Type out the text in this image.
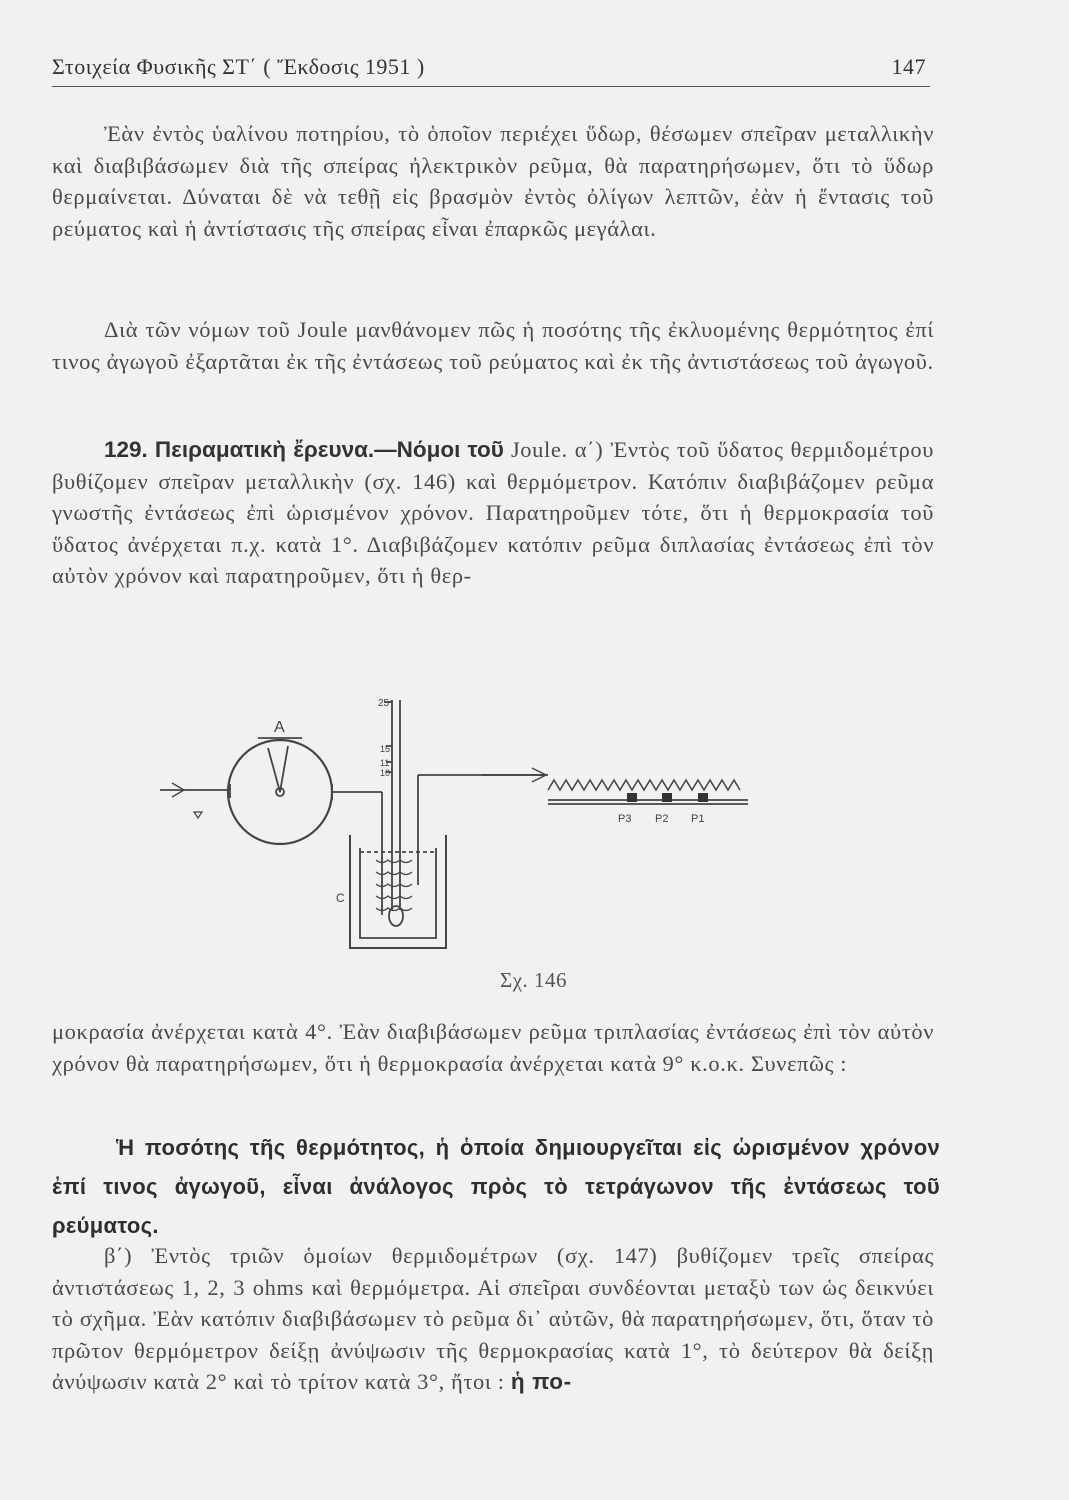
Στοιχεία Φυσικῆς ΣΤ΄ ( Ἔκδοσις 1951 )	147

Ἐὰν ἐντὸς ὑαλίνου ποτηρίου, τὸ ὁποῖον περιέχει ὕδωρ, θέσωμεν σπεῖραν μεταλλικὴν καὶ διαβιβάσωμεν διὰ τῆς σπείρας ἠλεκτρικὸν ρεῦμα, θὰ παρατηρήσωμεν, ὅτι τὸ ὕδωρ θερμαίνεται. Δύναται δὲ νὰ τεθῇ εἰς βρασμὸν ἐντὸς ὀλίγων λεπτῶν, ἐὰν ἡ ἔντασις τοῦ ρεύματος καὶ ἡ ἀντίστασις τῆς σπείρας εἶναι ἐπαρκῶς μεγάλαι.

Διὰ τῶν νόμων τοῦ Joule μανθάνομεν πῶς ἡ ποσότης τῆς ἐκλυομένης θερμότητος ἐπί τινος ἀγωγοῦ ἐξαρτᾶται ἐκ τῆς ἐντάσεως τοῦ ρεύματος καὶ ἐκ τῆς ἀντιστάσεως τοῦ ἀγωγοῦ.

129. Πειραματικὴ ἔρευνα.—Νόμοι τοῦ Joule. α΄) Ἐντὸς τοῦ ὕδατος θερμιδομέτρου βυθίζομεν σπεῖραν μεταλλικὴν (σχ. 146) καὶ θερμόμετρον. Κατόπιν διαβιβάζομεν ρεῦμα γνωστῆς ἐντάσεως ἐπὶ ὡρισμένον χρόνον. Παρατηροῦμεν τότε, ὅτι ἡ θερμοκρασία τοῦ ὕδατος ἀνέρχεται π.χ. κατὰ 1°. Διαβιβάζομεν κατόπιν ρεῦμα διπλασίας ἐντάσεως ἐπὶ τὸν αὐτὸν χρόνον καὶ παρατηροῦμεν, ὅτι ἡ θερ-

A
25
15
11
10
C
P3 P2 P1
Σχ. 146

μοκρασία ἀνέρχεται κατὰ 4°. Ἐὰν διαβιβάσωμεν ρεῦμα τριπλασίας ἐντάσεως ἐπὶ τὸν αὐτὸν χρόνον θὰ παρατηρήσωμεν, ὅτι ἡ θερμοκρασία ἀνέρχεται κατὰ 9° κ.ο.κ. Συνεπῶς :

Ἡ ποσότης τῆς θερμότητος, ἡ ὁποία δημιουργεῖται εἰς ὡρισμένον χρόνον ἐπί τινος ἀγωγοῦ, εἶναι ἀνάλογος πρὸς τὸ τετράγωνον τῆς ἐντάσεως τοῦ ρεύματος.

β΄) Ἐντὸς τριῶν ὁμοίων θερμιδομέτρων (σχ. 147) βυθίζομεν τρεῖς σπείρας ἀντιστάσεως 1, 2, 3 ohms καὶ θερμόμετρα. Αἱ σπεῖραι συνδέονται μεταξὺ των ὡς δεικνύει τὸ σχῆμα. Ἐὰν κατόπιν διαβιβάσωμεν τὸ ρεῦμα δι᾽ αὐτῶν, θὰ παρατηρήσωμεν, ὅτι, ὅταν τὸ πρῶτον θερμόμετρον δείξῃ ἀνύψωσιν τῆς θερμοκρασίας κατὰ 1°, τὸ δεύτερον θὰ δείξῃ ἀνύψωσιν κατὰ 2° καὶ τὸ τρίτον κατὰ 3°, ἤτοι : ἡ πο-
